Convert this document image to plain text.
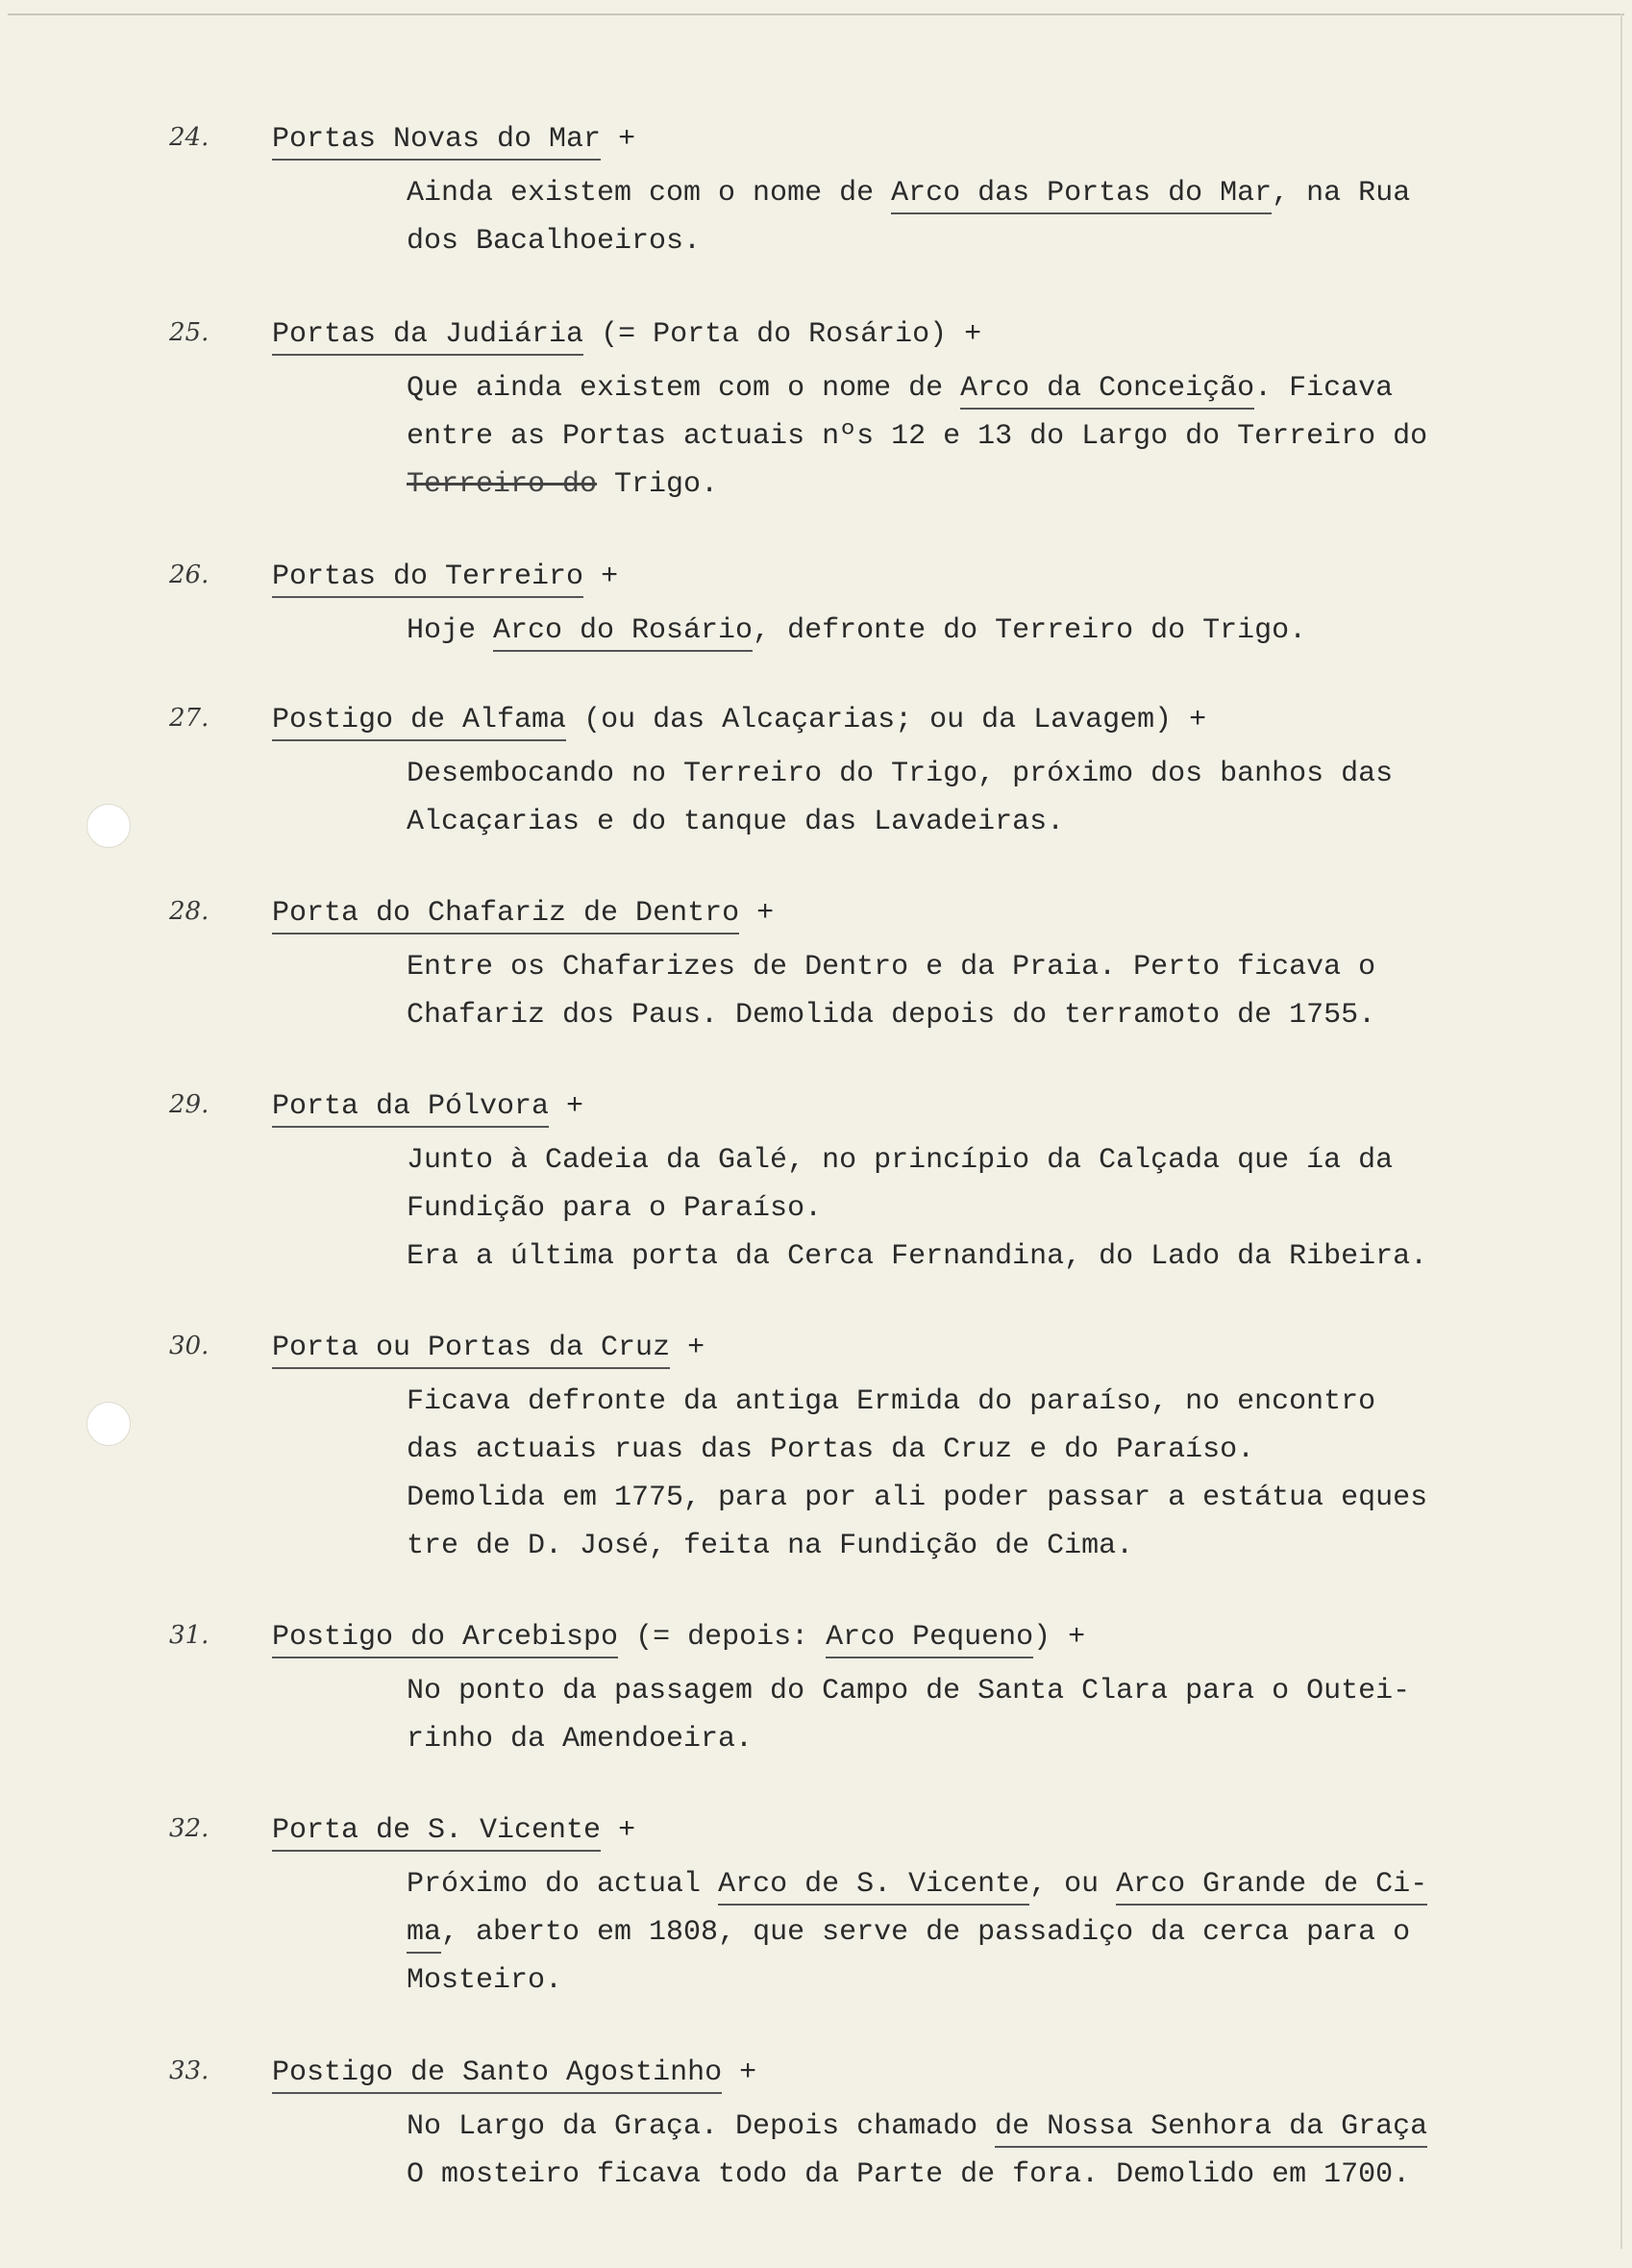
24. Portas Novas do Mar +
Ainda existem com o nome de Arco das Portas do Mar, na Rua
dos Bacalhoeiros.
25. Portas da Judiária (= Porta do Rosário) +
Que ainda existem com o nome de Arco da Conceição. Ficava
entre as Portas actuais nºs 12 e 13 do Largo do Terreiro do
Terreiro do Trigo.
26. Portas do Terreiro +
Hoje Arco do Rosário, defronte do Terreiro do Trigo.
27. Postigo de Alfama (ou das Alcaçarias; ou da Lavagem) +
Desembocando no Terreiro do Trigo, próximo dos banhos das
Alcaçarias e do tanque das Lavadeiras.
28. Porta do Chafariz de Dentro +
Entre os Chafarizes de Dentro e da Praia. Perto ficava o
Chafariz dos Paus. Demolida depois do terramoto de 1755.
29. Porta da Pólvora +
Junto à Cadeia da Galé, no princípio da Calçada que ía da
Fundição para o Paraíso.
Era a última porta da Cerca Fernandina, do Lado da Ribeira.
30. Porta ou Portas da Cruz +
Ficava defronte da antiga Ermida do paraíso, no encontro
das actuais ruas das Portas da Cruz e do Paraíso.
Demolida em 1775, para por ali poder passar a estátua eques
tre de D. José, feita na Fundição de Cima.
31. Postigo do Arcebispo (= depois: Arco Pequeno) +
No ponto da passagem do Campo de Santa Clara para o Outei-
rinho da Amendoeira.
32. Porta de S. Vicente +
Próximo do actual Arco de S. Vicente, ou Arco Grande de Ci-
ma, aberto em 1808, que serve de passadiço da cerca para o
Mosteiro.
33. Postigo de Santo Agostinho +
No Largo da Graça. Depois chamado de Nossa Senhora da Graça
O mosteiro ficava todo da Parte de fora. Demolido em 1700.
